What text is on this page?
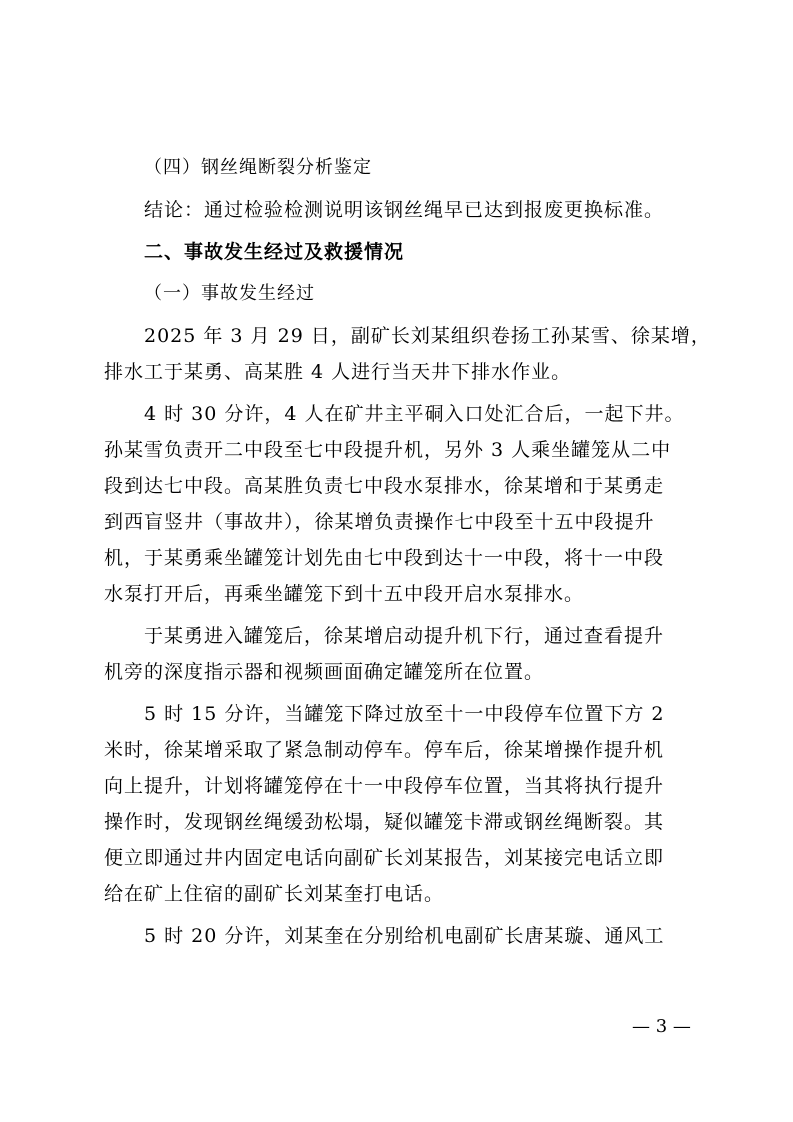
（四）钢丝绳断裂分析鉴定
结论：通过检验检测说明该钢丝绳早已达到报废更换标准。
二、事故发生经过及救援情况
（一）事故发生经过
2025 年 3 月 29 日，副矿长刘某组织卷扬工孙某雪、徐某增，
排水工于某勇、高某胜 4 人进行当天井下排水作业。
4 时 30 分许，4 人在矿井主平硐入口处汇合后，一起下井。
孙某雪负责开二中段至七中段提升机，另外 3 人乘坐罐笼从二中
段到达七中段。高某胜负责七中段水泵排水，徐某增和于某勇走
到西盲竖井（事故井），徐某增负责操作七中段至十五中段提升
机，于某勇乘坐罐笼计划先由七中段到达十一中段，将十一中段
水泵打开后，再乘坐罐笼下到十五中段开启水泵排水。
于某勇进入罐笼后，徐某增启动提升机下行，通过查看提升
机旁的深度指示器和视频画面确定罐笼所在位置。
5 时 15 分许，当罐笼下降过放至十一中段停车位置下方 2
米时，徐某增采取了紧急制动停车。停车后，徐某增操作提升机
向上提升，计划将罐笼停在十一中段停车位置，当其将执行提升
操作时，发现钢丝绳缓劲松塌，疑似罐笼卡滞或钢丝绳断裂。其
便立即通过井内固定电话向副矿长刘某报告，刘某接完电话立即
给在矿上住宿的副矿长刘某奎打电话。
5 时 20 分许，刘某奎在分别给机电副矿长唐某璇、通风工
— 3 —
